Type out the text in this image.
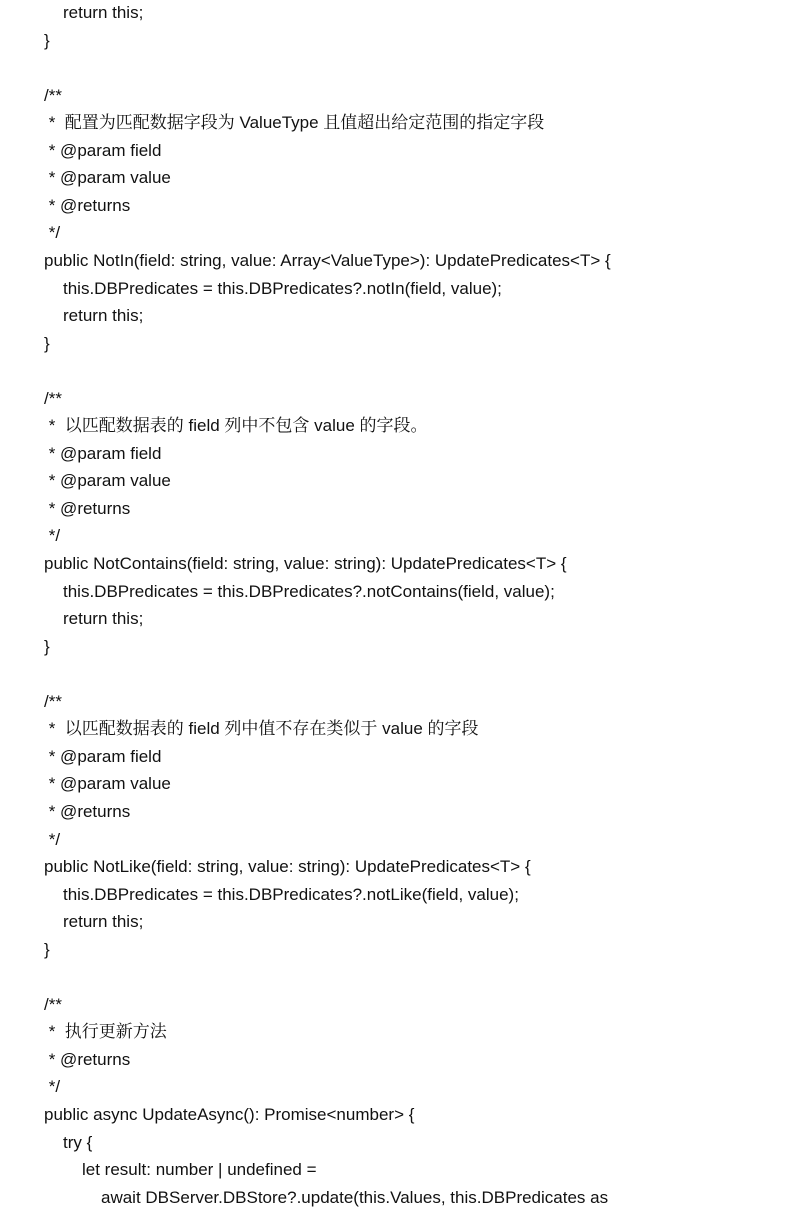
return this;
}
/**
*  配置为匹配数据字段为 ValueType 且值超出给定范围的指定字段
* @param field
* @param value
* @returns
*/
public NotIn(field: string, value: Array<ValueType>): UpdatePredicates<T> {
this.DBPredicates = this.DBPredicates?.notIn(field, value);
return this;
}
/**
*  以匹配数据表的 field 列中不包含 value 的字段。
* @param field
* @param value
* @returns
*/
public NotContains(field: string, value: string): UpdatePredicates<T> {
this.DBPredicates = this.DBPredicates?.notContains(field, value);
return this;
}
/**
*  以匹配数据表的 field 列中值不存在类似于 value 的字段
* @param field
* @param value
* @returns
*/
public NotLike(field: string, value: string): UpdatePredicates<T> {
this.DBPredicates = this.DBPredicates?.notLike(field, value);
return this;
}
/**
*  执行更新方法
* @returns
*/
public async UpdateAsync(): Promise<number> {
try {
let result: number | undefined =
await DBServer.DBStore?.update(this.Values, this.DBPredicates as
